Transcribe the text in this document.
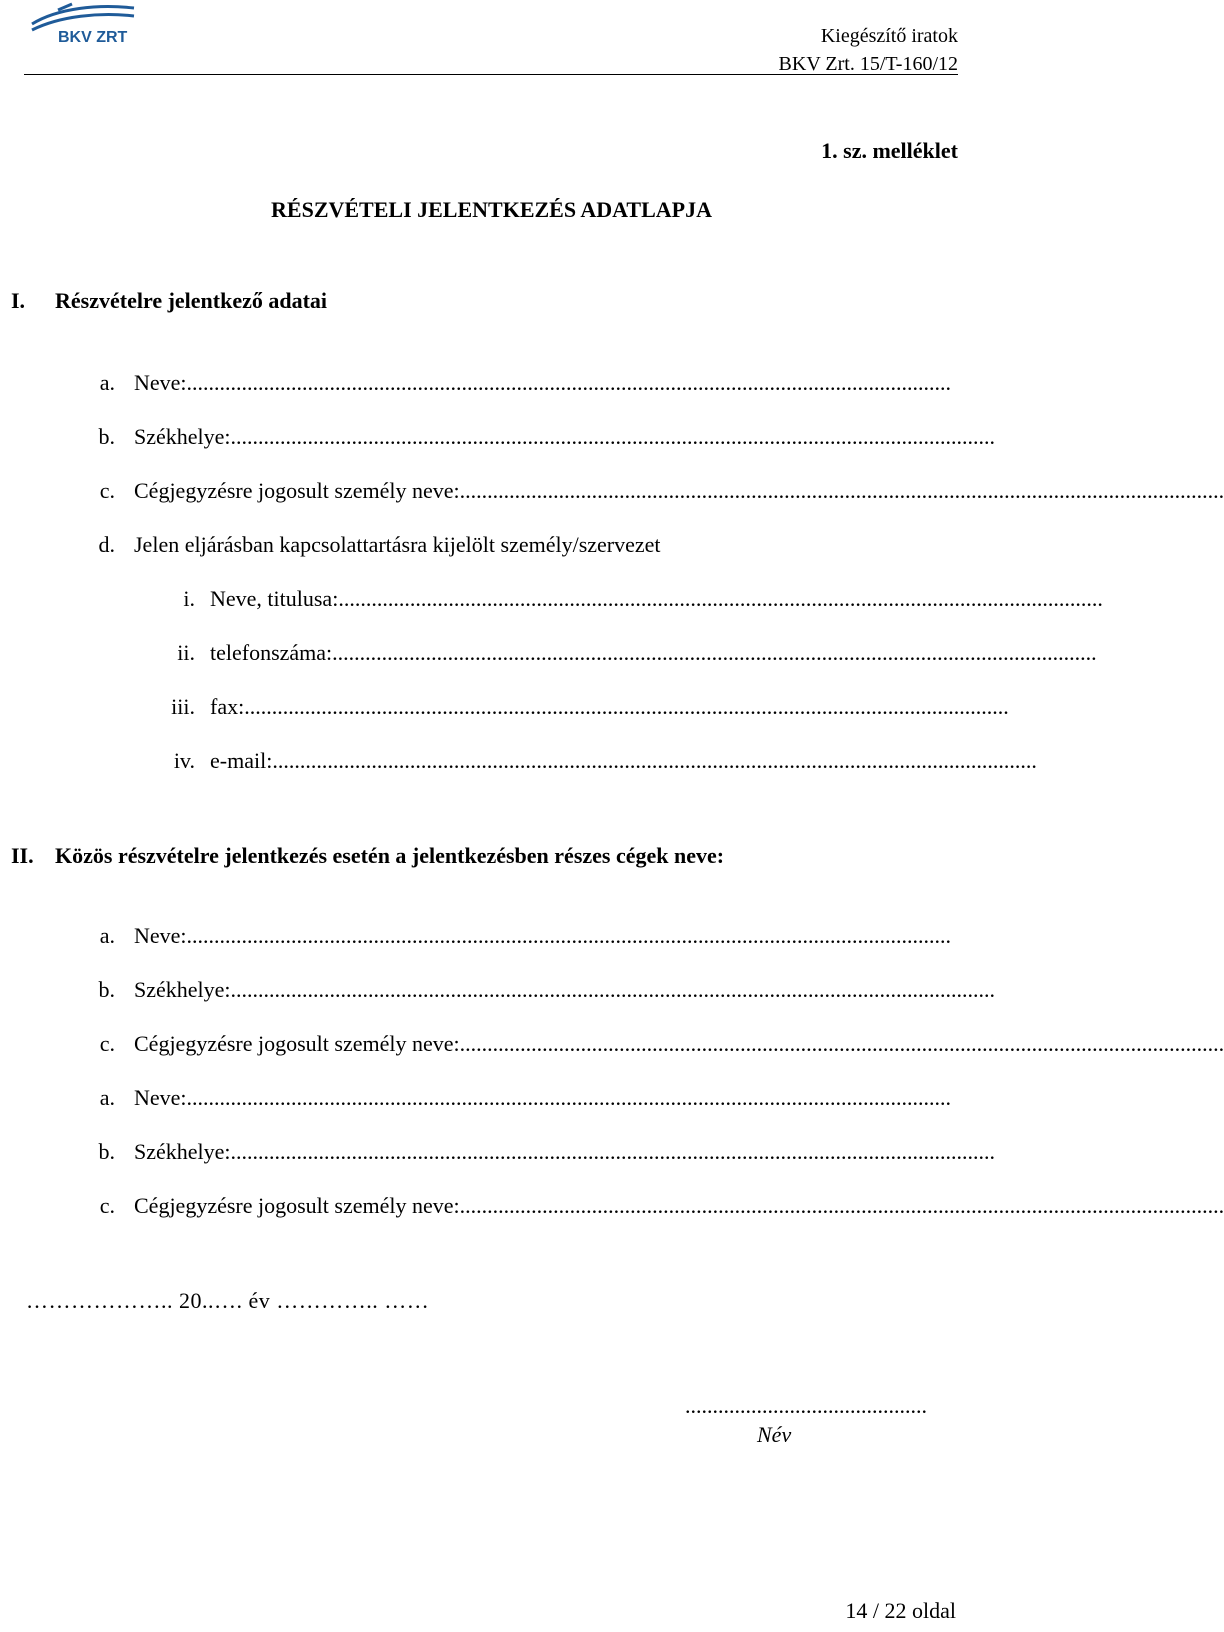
BKV ZRT	Kiegészítő iratok
BKV Zrt. 15/T-160/12
1. sz. melléklet
RÉSZVÉTELI JELENTKEZÉS ADATLAPJA
I. Részvételre jelentkező adatai
a. Neve: ...........................................................................................................................................
b. Székhelye: ...........................................................................................................................................
c. Cégjegyzésre jogosult személy neve: ...........................................................................................................................................
d. Jelen eljárásban kapcsolattartásra kijelölt személy/szervezet
i. Neve, titulusa: ...........................................................................................................................................
ii. telefonszáma: ...........................................................................................................................................
iii. fax: ...........................................................................................................................................
iv. e-mail: ...........................................................................................................................................
II. Közös részvételre jelentkezés esetén a jelentkezésben részes cégek neve:
a. Neve: ...........................................................................................................................................
b. Székhelye: ...........................................................................................................................................
c. Cégjegyzésre jogosult személy neve: ...........................................................................................................................................
a. Neve: ...........................................................................................................................................
b. Székhelye: ...........................................................................................................................................
c. Cégjegyzésre jogosult személy neve: ...........................................................................................................................................
……………….. 20..…. év ………….. ……
............................................
Név
14 / 22 oldal
